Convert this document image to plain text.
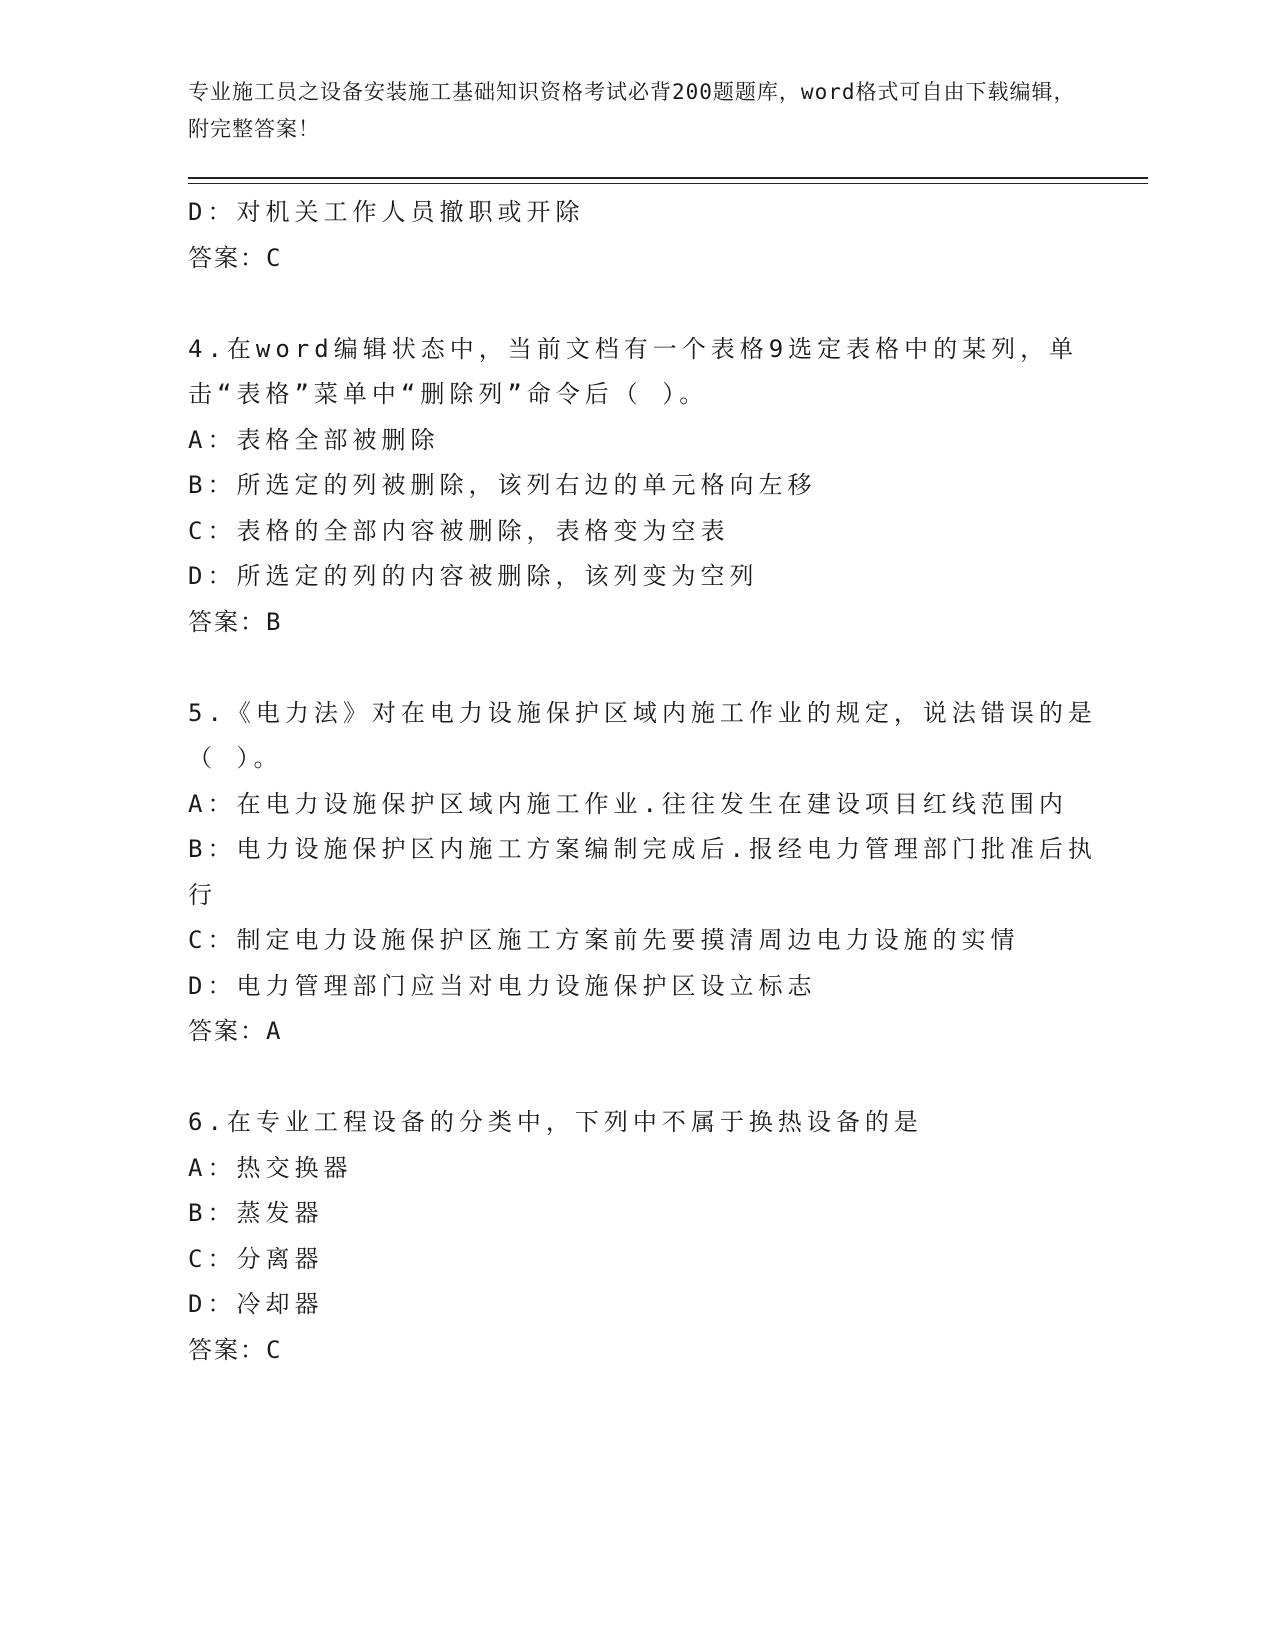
专业施工员之设备安装施工基础知识资格考试必背200题题库，word格式可自由下载编辑，附完整答案！
D：对机关工作人员撤职或开除
答案：C
4.在word编辑状态中，当前文档有一个表格9选定表格中的某列，单击“表格”菜单中“删除列”命令后（ ）。
A：表格全部被删除
B：所选定的列被删除，该列右边的单元格向左移
C：表格的全部内容被删除，表格变为空表
D：所选定的列的内容被删除，该列变为空列
答案：B
5.《电力法》对在电力设施保护区域内施工作业的规定，说法错误的是（ ）。
A：在电力设施保护区域内施工作业.往往发生在建设项目红线范围内
B：电力设施保护区内施工方案编制完成后.报经电力管理部门批准后执行
C：制定电力设施保护区施工方案前先要摸清周边电力设施的实情
D：电力管理部门应当对电力设施保护区设立标志
答案：A
6.在专业工程设备的分类中，下列中不属于换热设备的是
A：热交换器
B：蒸发器
C：分离器
D：冷却器
答案：C
